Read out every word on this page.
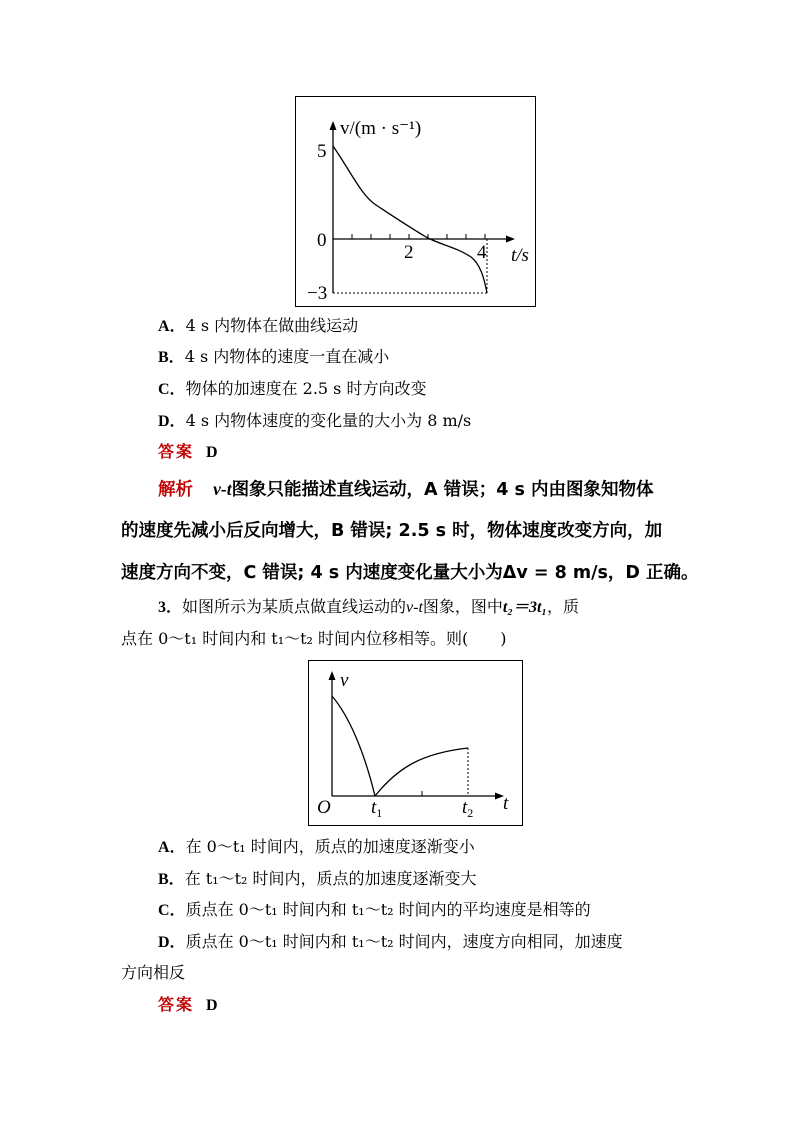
v/(m · s⁻¹)
5
0
−3
2	4 t/s
A．4 s 内物体在做曲线运动
B．4 s 内物体的速度一直在减小
C．物体的加速度在 2.5 s 时方向改变
D．4 s 内物体速度的变化量的大小为 8 m/s
答案 D
解析 v-t图象只能描述直线运动，A 错误；4 s 内由图象知物体
的速度先减小后反向增大，B 错误; 2.5 s 时，物体速度改变方向，加
速度方向不变，C 错误; 4 s 内速度变化量大小为Δv = 8 m/s，D 正确。
3．如图所示为某质点做直线运动的v-t图象，图中t₂＝3t₁，质
点在 0～t₁ 时间内和 t₁～t₂ 时间内位移相等。则(　　)
v
O $t_1$	$t_2$ t
A．在 0～t₁ 时间内，质点的加速度逐渐变小
B．在 t₁～t₂ 时间内，质点的加速度逐渐变大
C．质点在 0～t₁ 时间内和 t₁～t₂ 时间内的平均速度是相等的
D．质点在 0～t₁ 时间内和 t₁～t₂ 时间内，速度方向相同，加速度
方向相反
答案 D
